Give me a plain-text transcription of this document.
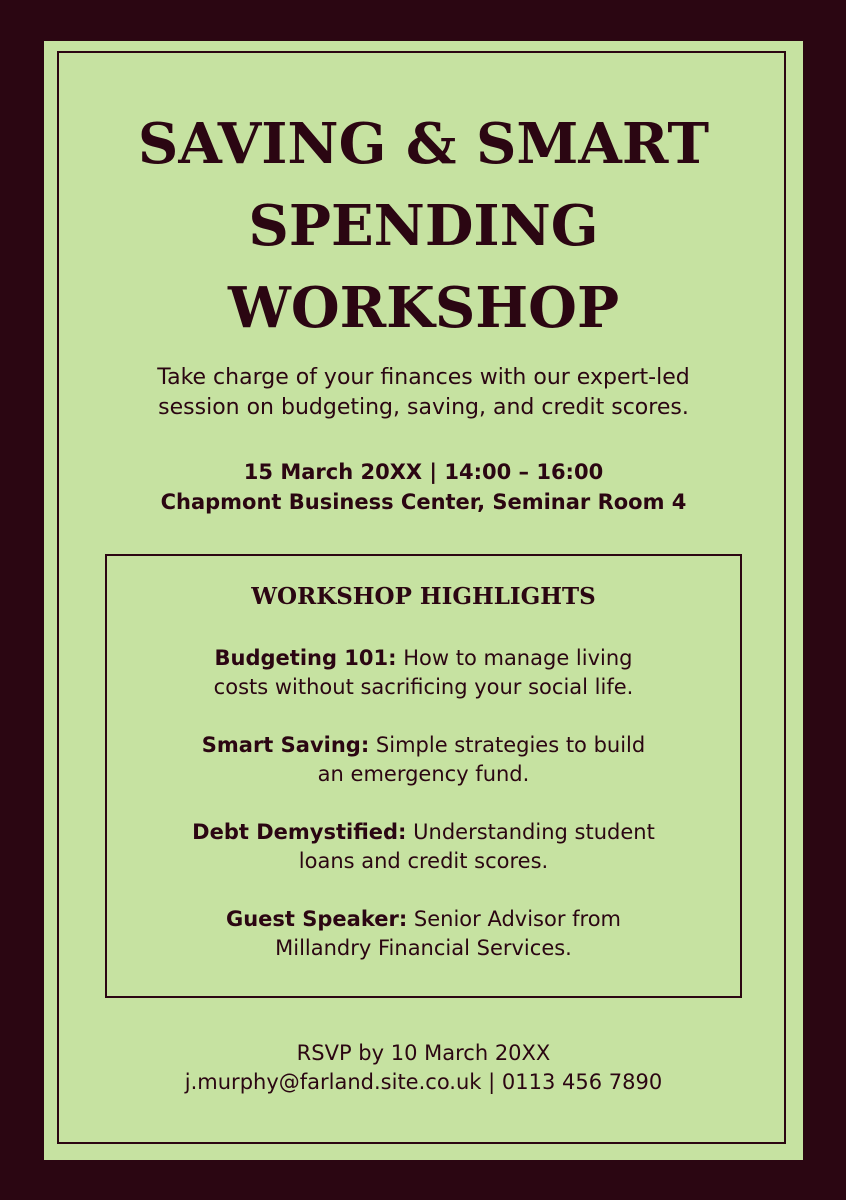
SAVING & SMART
SPENDING
WORKSHOP

Take charge of your finances with our expert-led
session on budgeting, saving, and credit scores.

15 March 20XX | 14:00 – 16:00
Chapmont Business Center, Seminar Room 4

WORKSHOP HIGHLIGHTS

Budgeting 101: How to manage living
costs without sacrificing your social life.

Smart Saving: Simple strategies to build
an emergency fund.

Debt Demystified: Understanding student
loans and credit scores.

Guest Speaker: Senior Advisor from
Millandry Financial Services.

RSVP by 10 March 20XX
j.murphy@farland.site.co.uk | 0113 456 7890
